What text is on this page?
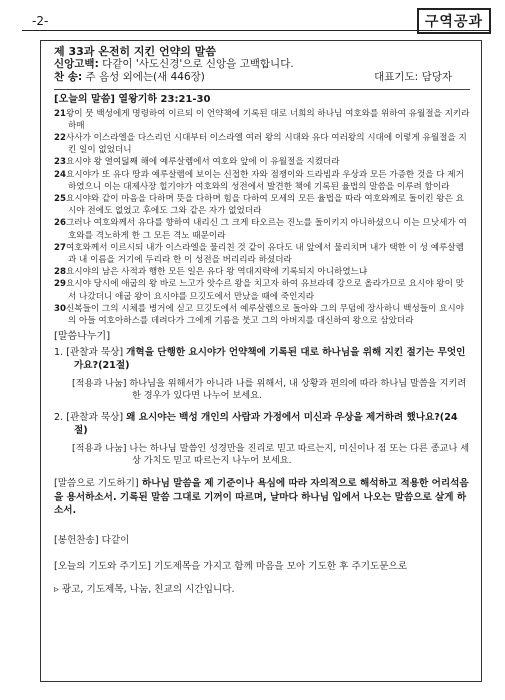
-2-	구역공과

제 33과 온전히 지킨 언약의 말씀

신앙고백: 다같이 '사도신경'으로 신앙을 고백합니다.

찬 송: 주 음성 외에는(새 446장)	대표기도: 담당자

[오늘의 말씀] 열왕기하 23:21-30

21왕이 뭇 백성에게 명령하여 이르되 이 언약책에 기록된 대로 너희의 하나님 여호와를 위하여 유월절을 지키라 하매

22사사가 이스라엘을 다스리던 시대부터 이스라엘 여러 왕의 시대와 유다 여러왕의 시대에 이렇게 유월절을 지킨 일이 없었더니

23요시야 왕 열여덟째 해에 예루살렘에서 여호와 앞에 이 유월절을 지켰더라

24요시야가 또 유다 땅과 예루살렘에 보이는 신접한 자와 점쟁이와 드라빔과 우상과 모든 가증한 것을 다 제거하였으니 이는 대제사장 힐기야가 여호와의 성전에서 발견한 책에 기록된 율법의 말씀을 이루려 함이라

25요시야와 같이 마음을 다하며 뜻을 다하며 힘을 다하여 모세의 모든 율법을 따라 여호와께로 돌이킨 왕은 요시야 전에도 없었고 후에도 그와 같은 자가 없었더라

26그러나 여호와께서 유다를 향하여 내리신 그 크게 타오르는 진노를 돌이키지 아니하셨으니 이는 므낫세가 여호와를 격노하게 한 그 모든 격노 때문이라

27여호와께서 이르시되 내가 이스라엘을 물리친 것 같이 유다도 내 앞에서 물리치며 내가 택한 이 성 예루살렘과 내 이름을 거기에 두리라 한 이 성전을 버리리라 하셨더라

28요시야의 남은 사적과 행한 모든 일은 유다 왕 역대지략에 기록되지 아니하였느냐

29요시야 당시에 애굽의 왕 바로 느고가 앗수르 왕을 치고자 하여 유브라데 강으로 올라가므로 요시야 왕이 맞서 나갔더니 애굽 왕이 요시야를 므깃도에서 만났을 때에 죽인지라

30신복들이 그의 시체를 병거에 싣고 므깃도에서 예루살렘으로 돌아와 그의 무덤에 장사하니 백성들이 요시야의 아들 여호아하스를 데려다가 그에게 기름을 붓고 그의 아버지를 대신하여 왕으로 삼았더라

[말씀나누기]

1. [관찰과 묵상] 개혁을 단행한 요시야가 언약책에 기록된 대로 하나님을 위해 지킨 절기는 무엇인가요?(21절)

[적용과 나눔] 하나님을 위해서가 아니라 나를 위해서, 내 상황과 편의에 따라 하나님 말씀을 지키려 한 경우가 있다면 나누어 보세요.

2. [관찰과 묵상] 왜 요시야는 백성 개인의 사람과 가정에서 미신과 우상을 제거하려 했나요?(24절)

[적용과 나눔] 나는 하나님 말씀인 성경만을 진리로 믿고 따르는지, 미신이나 점 또는 다른 종교나 세상 가치도 믿고 따르는지 나누어 보세요.

[말씀으로 기도하기] 하나님 말씀을 제 기준이나 욕심에 따라 자의적으로 해석하고 적용한 어리석음을 용서하소서. 기록된 말씀 그대로 기꺼이 따르며, 날마다 하나님 입에서 나오는 말씀으로 살게 하소서.

[봉헌찬송] 다같이

[오늘의 기도와 주기도] 기도제목을 가지고 함께 마음을 모아 기도한 후 주기도문으로

▹ 광고, 기도제목, 나눔, 친교의 시간입니다.
